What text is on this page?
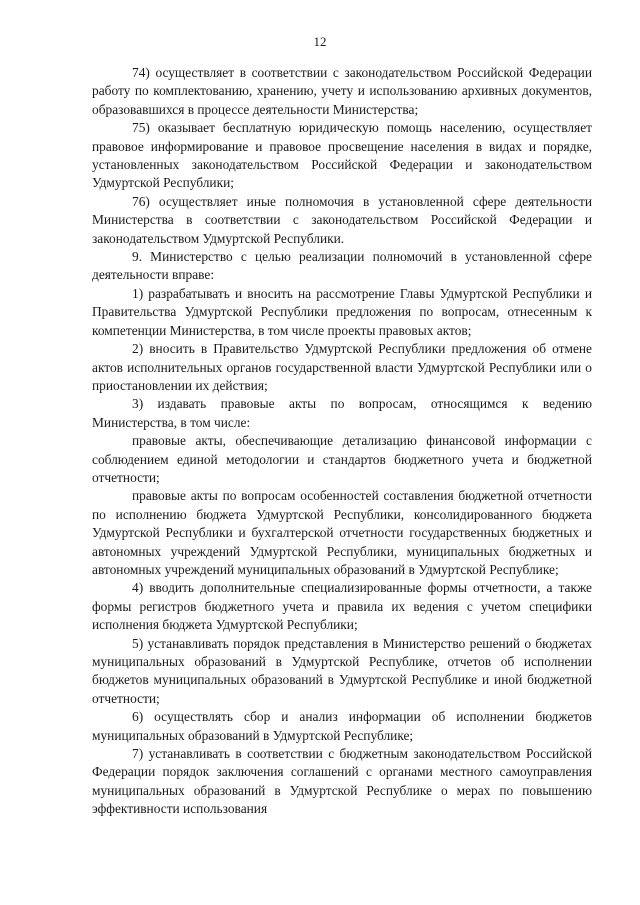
12

74) осуществляет в соответствии с законодательством Российской Федерации работу по комплектованию, хранению, учету и использованию архивных документов, образовавшихся в процессе деятельности Министерства;

75) оказывает бесплатную юридическую помощь населению, осуществляет правовое информирование и правовое просвещение населения в видах и порядке, установленных законодательством Российской Федерации и законодательством Удмуртской Республики;

76) осуществляет иные полномочия в установленной сфере деятельности Министерства в соответствии с законодательством Российской Федерации и законодательством Удмуртской Республики.

9. Министерство с целью реализации полномочий в установленной сфере деятельности вправе:

1) разрабатывать и вносить на рассмотрение Главы Удмуртской Республики и Правительства Удмуртской Республики предложения по вопросам, отнесенным к компетенции Министерства, в том числе проекты правовых актов;

2) вносить в Правительство Удмуртской Республики предложения об отмене актов исполнительных органов государственной власти Удмуртской Республики или о приостановлении их действия;

3) издавать правовые акты по вопросам, относящимся к ведению Министерства, в том числе:

правовые акты, обеспечивающие детализацию финансовой информации с соблюдением единой методологии и стандартов бюджетного учета и бюджетной отчетности;

правовые акты по вопросам особенностей составления бюджетной отчетности по исполнению бюджета Удмуртской Республики, консолидированного бюджета Удмуртской Республики и бухгалтерской отчетности государственных бюджетных и автономных учреждений Удмуртской Республики, муниципальных бюджетных и автономных учреждений муниципальных образований в Удмуртской Республике;

4) вводить дополнительные специализированные формы отчетности, а также формы регистров бюджетного учета и правила их ведения с учетом специфики исполнения бюджета Удмуртской Республики;

5) устанавливать порядок представления в Министерство решений о бюджетах муниципальных образований в Удмуртской Республике, отчетов об исполнении бюджетов муниципальных образований в Удмуртской Республике и иной бюджетной отчетности;

6) осуществлять сбор и анализ информации об исполнении бюджетов муниципальных образований в Удмуртской Республике;

7) устанавливать в соответствии с бюджетным законодательством Российской Федерации порядок заключения соглашений с органами местного самоуправления муниципальных образований в Удмуртской Республике о мерах по повышению эффективности использования
